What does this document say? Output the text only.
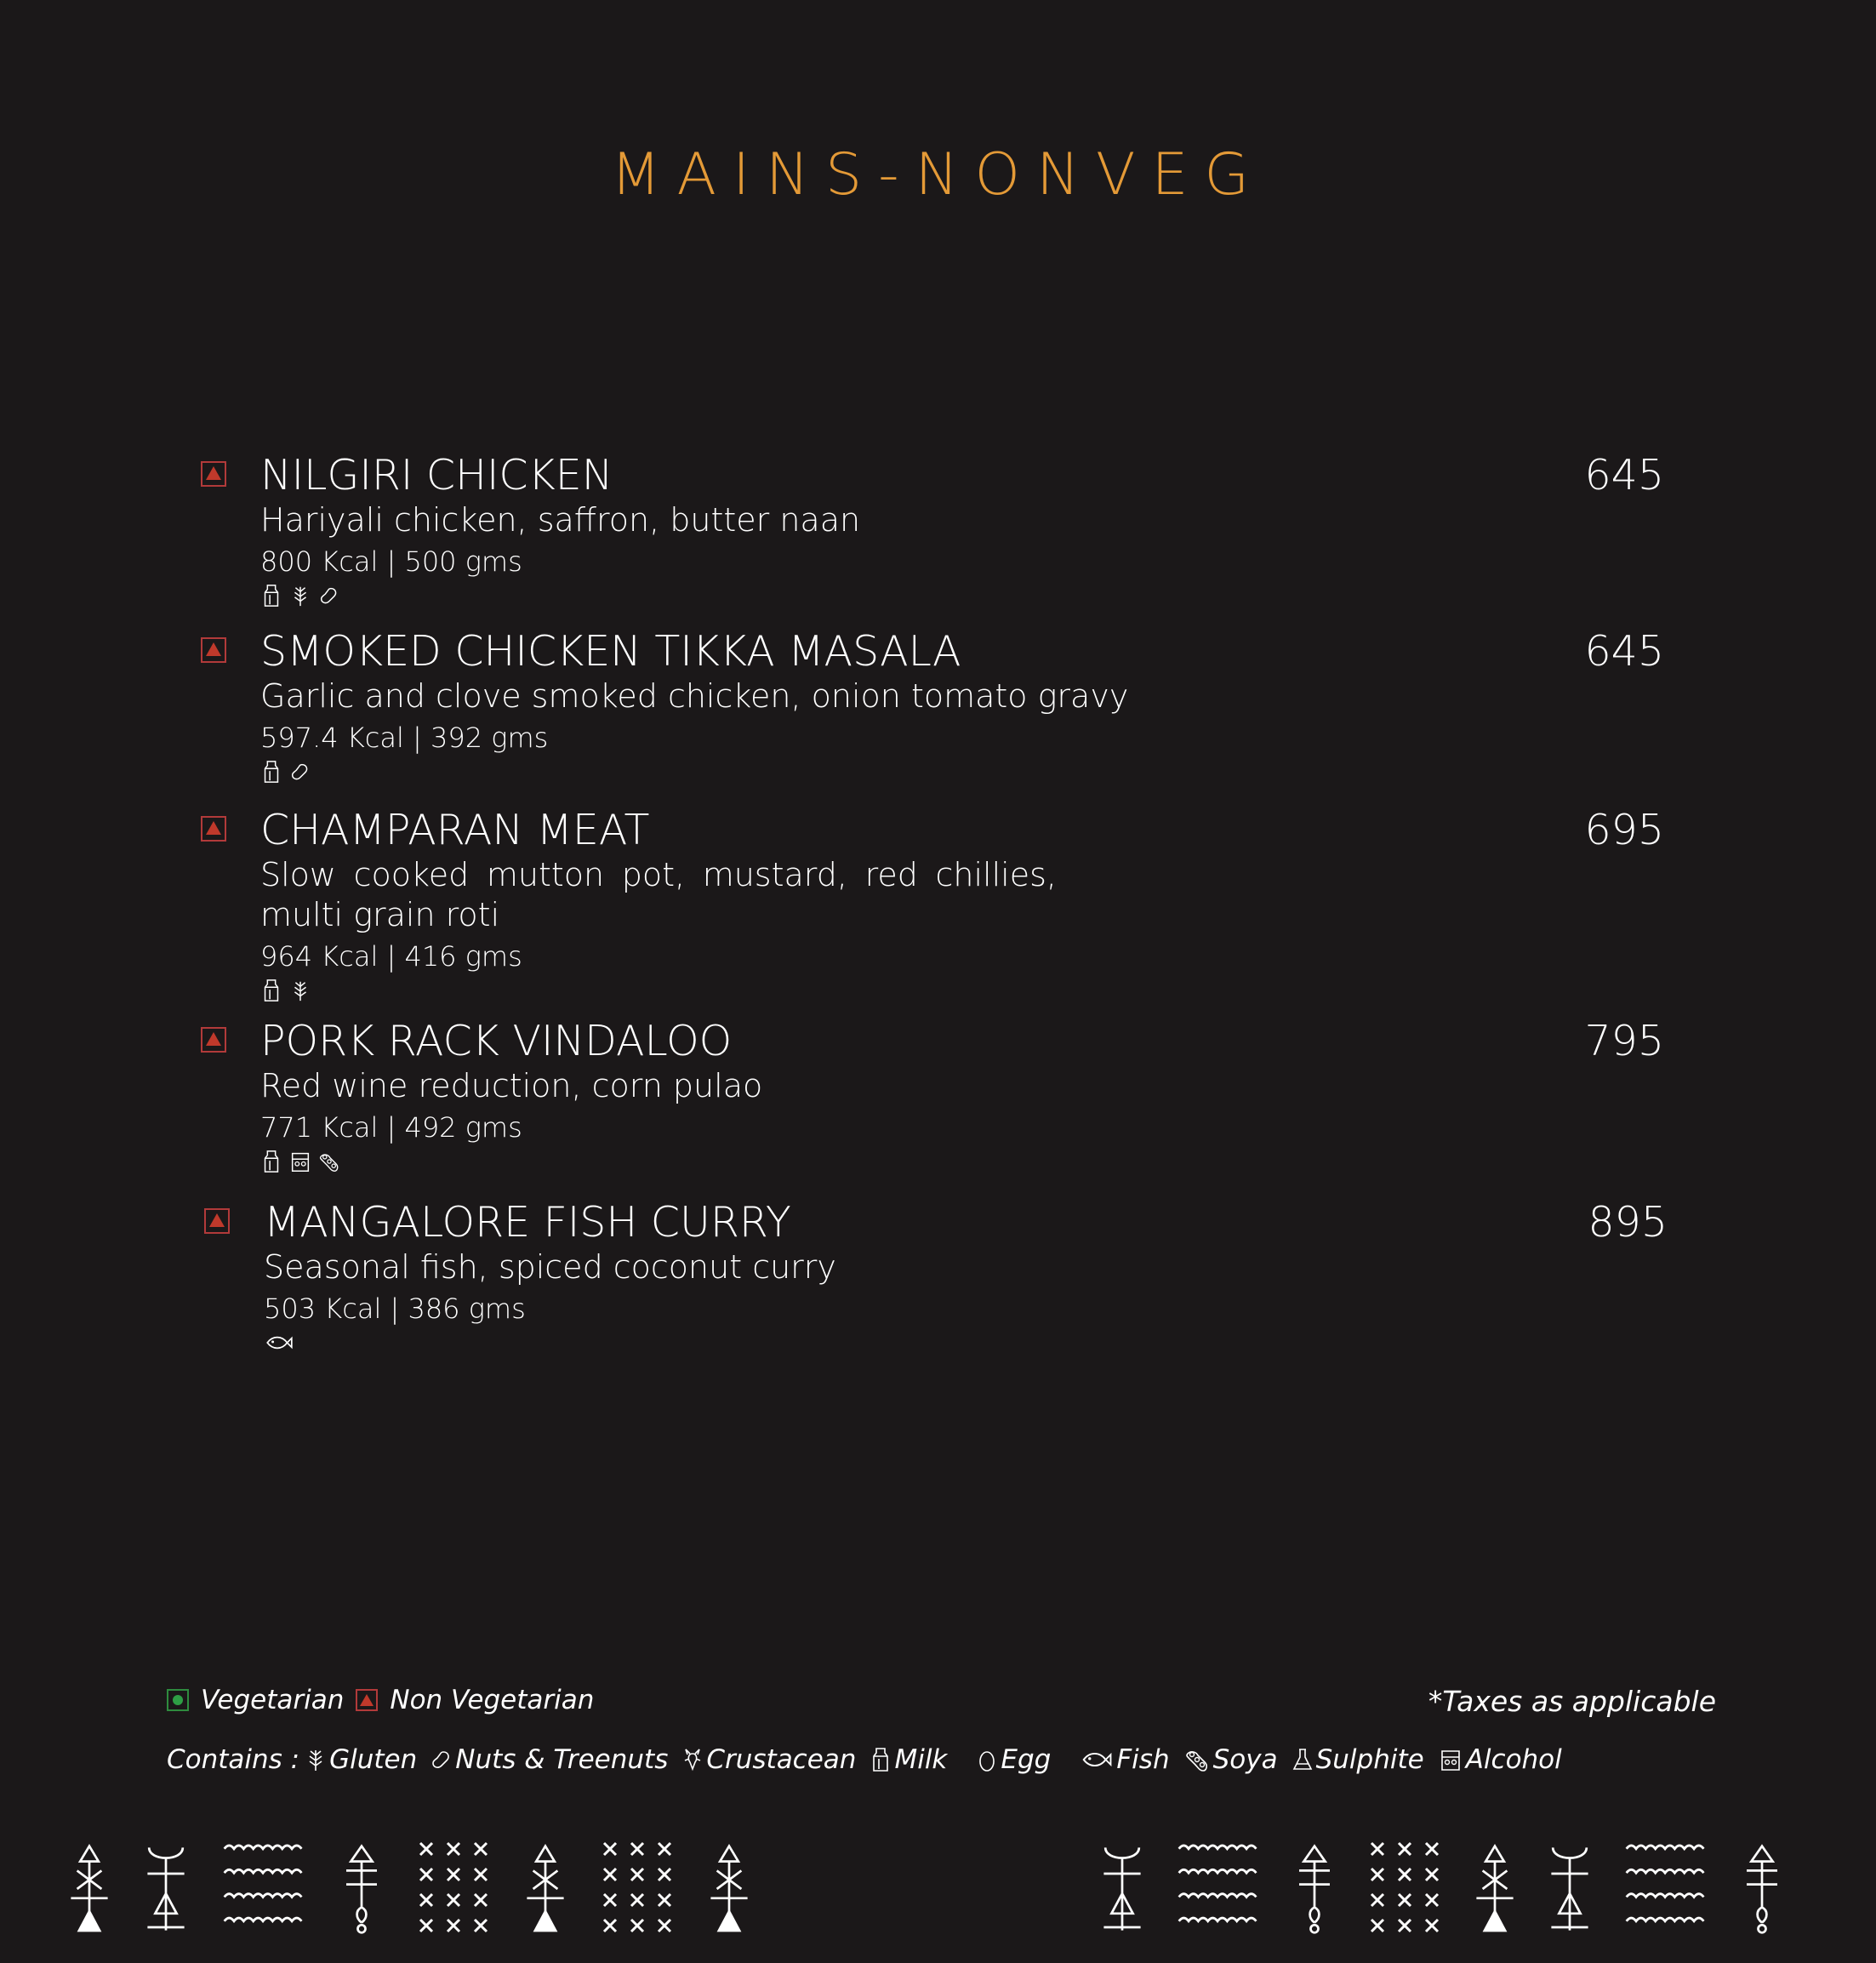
MAINS-NONVEG
NILGIRI CHICKEN
Hariyali chicken, saffron, butter naan
800 Kcal | 500 gms
645
SMOKED CHICKEN TIKKA MASALA
Garlic and clove smoked chicken, onion tomato gravy
597.4 Kcal | 392 gms
645
CHAMPARAN MEAT
Slow cooked mutton pot, mustard, red chillies, multi grain roti
964 Kcal | 416 gms
695
PORK RACK VINDALOO
Red wine reduction, corn pulao
771 Kcal | 492 gms
795
MANGALORE FISH CURRY
Seasonal fish, spiced coconut curry
503 Kcal | 386 gms
895
Vegetarian Non Vegetarian	*Taxes as applicable
Contains : Gluten Nuts & Treenuts Crustacean Milk Egg Fish Soya Sulphite Alcohol
